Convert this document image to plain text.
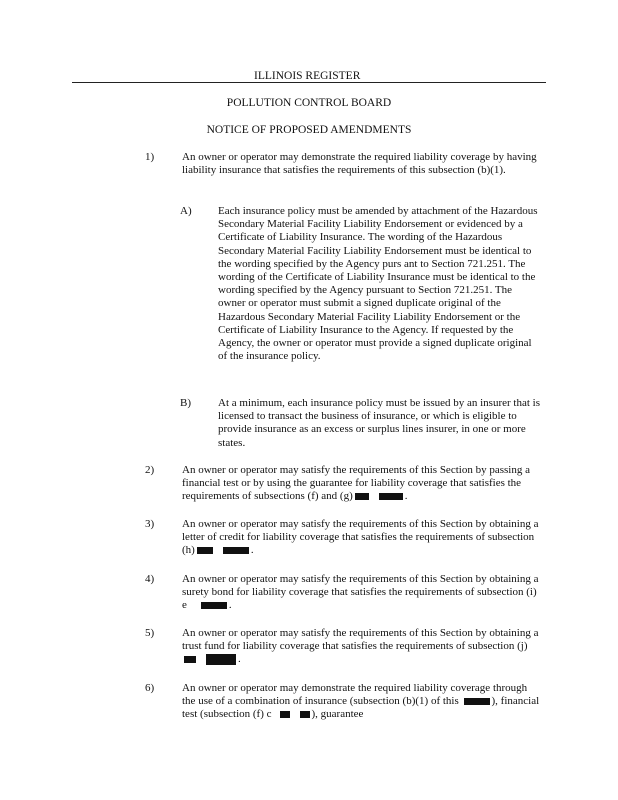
ILLINOIS REGISTER
POLLUTION CONTROL BOARD
NOTICE OF PROPOSED AMENDMENTS
1)	An owner or operator may demonstrate the required liability coverage by having liability insurance that satisfies the requirements of this subsection (b)(1).
A) Each insurance policy must be amended by attachment of the Hazardous Secondary Material Facility Liability Endorsement or evidenced by a Certificate of Liability Insurance. The wording of the Hazardous Secondary Material Facility Liability Endorsement must be identical to the wording specified by the Agency purs ant to Section 721.251. The wording of the Certificate of Liability Insurance must be identical to the wording specified by the Agency pursuant to Section 721.251. The owner or operator must submit a signed duplicate original of the Hazardous Secondary Material Facility Liability Endorsement or the Certificate of Liability Insurance to the Agency. If requested by the Agency, the owner or operator must provide a signed duplicate original of the insurance policy.
B) At a minimum, each insurance policy must be issued by an insurer that is licensed to transact the business of insurance, or which is eligible to provide insurance as an excess or surplus lines insurer, in one or more states.
2)	An owner or operator may satisfy the requirements of this Section by passing a financial test or by using the guarantee for liability coverage that satisfies the requirements of subsections (f) and (g)	.
3)	An owner or operator may satisfy the requirements of this Section by obtaining a letter of credit for liability coverage that satisfies the requirements of subsection (h)	.
4)	An owner or operator may satisfy the requirements of this Section by obtaining a surety bond for liability coverage that satisfies the requirements of subsection (i) e	.
5)	An owner or operator may satisfy the requirements of this Section by obtaining a trust fund for liability coverage that satisfies the requirements of subsection (j).
6)	An owner or operator may demonstrate the required liability coverage through the use of a combination of insurance (subsection (b)(1) of this	), financial test (subsection (f) c	), guarantee
